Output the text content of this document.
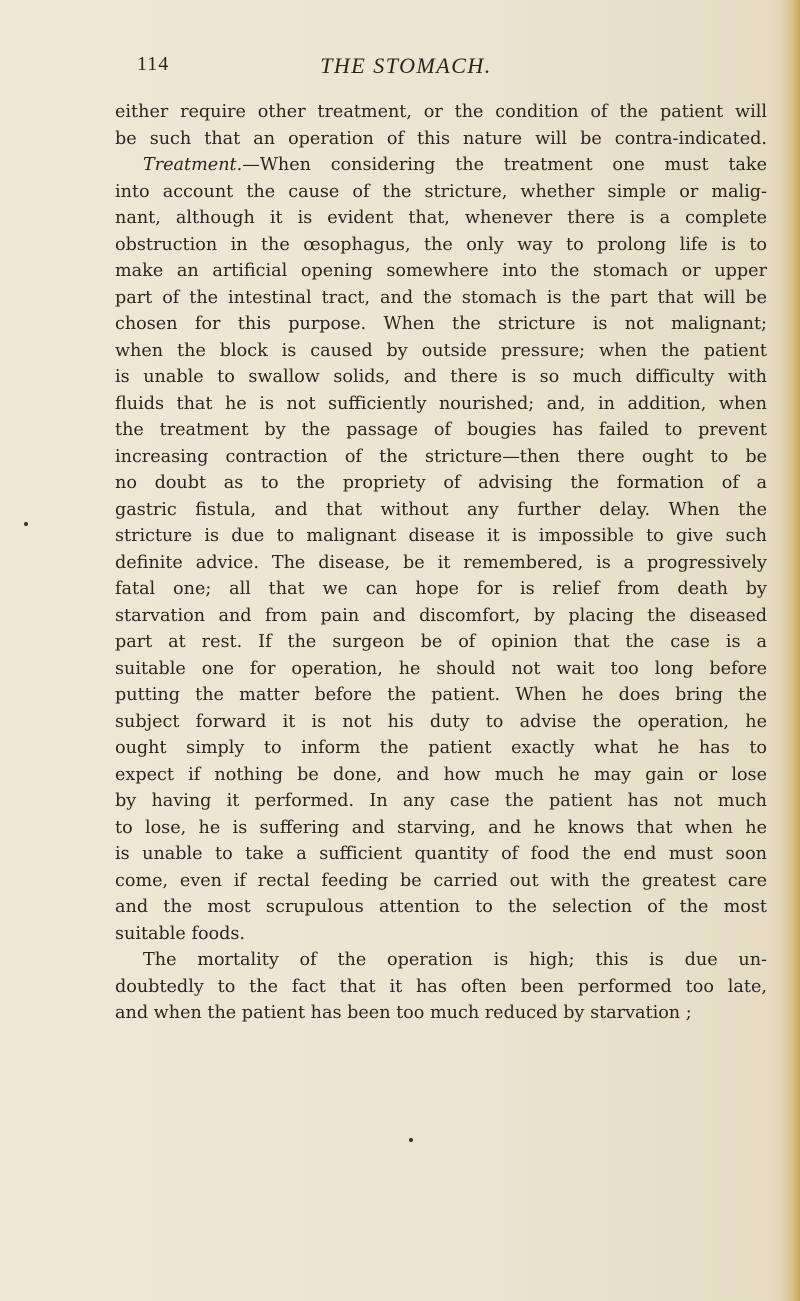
114	THE STOMACH.
either require other treatment, or the condition of the patient will
be such that an operation of this nature will be contra-indicated.
Treatment.—When considering the treatment one must take
into account the cause of the stricture, whether simple or malig-
nant, although it is evident that, whenever there is a complete
obstruction in the œsophagus, the only way to prolong life is to
make an artificial opening somewhere into the stomach or upper
part of the intestinal tract, and the stomach is the part that will be
chosen for this purpose. When the stricture is not malignant;
when the block is caused by outside pressure; when the patient
is unable to swallow solids, and there is so much difficulty with
fluids that he is not sufficiently nourished; and, in addition, when
the treatment by the passage of bougies has failed to prevent
increasing contraction of the stricture—then there ought to be
no doubt as to the propriety of advising the formation of a
gastric fistula, and that without any further delay. When the
stricture is due to malignant disease it is impossible to give such
definite advice. The disease, be it remembered, is a progressively
fatal one; all that we can hope for is relief from death by
starvation and from pain and discomfort, by placing the diseased
part at rest. If the surgeon be of opinion that the case is a
suitable one for operation, he should not wait too long before
putting the matter before the patient. When he does bring the
subject forward it is not his duty to advise the operation, he
ought simply to inform the patient exactly what he has to
expect if nothing be done, and how much he may gain or lose
by having it performed. In any case the patient has not much
to lose, he is suffering and starving, and he knows that when he
is unable to take a sufficient quantity of food the end must soon
come, even if rectal feeding be carried out with the greatest care
and the most scrupulous attention to the selection of the most
suitable foods.
The mortality of the operation is high; this is due un-
doubtedly to the fact that it has often been performed too late,
and when the patient has been too much reduced by starvation ;
